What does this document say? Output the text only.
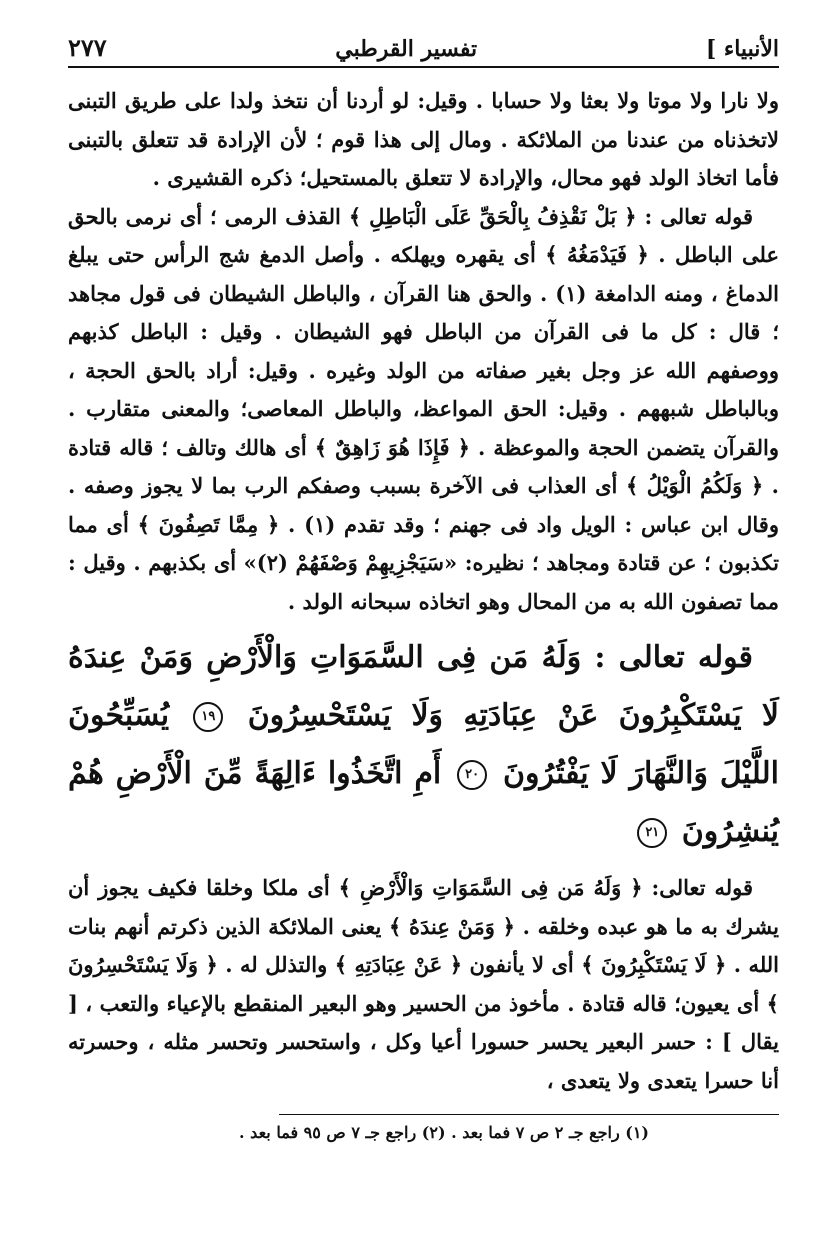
الأنبياء ]
تفسير القرطبي
٢٧٧

ولا نارا ولا موتا ولا بعثا ولا حسابا . وقيل: لو أردنا أن نتخذ ولدا على طريق التبنى لاتخذناه من عندنا من الملائكة . ومال إلى هذا قوم ؛ لأن الإرادة قد تتعلق بالتبنى فأما اتخاذ الولد فهو محال، والإرادة لا تتعلق بالمستحيل؛ ذكره القشيرى .

قوله تعالى : ﴿ بَلْ نَقْذِفُ بِالْحَقِّ عَلَى الْبَاطِلِ ﴾ القذف الرمى ؛ أى نرمى بالحق على الباطل . ﴿ فَيَدْمَغُهُ ﴾ أى يقهره ويهلكه . وأصل الدمغ شج الرأس حتى يبلغ الدماغ ، ومنه الدامغة (١) . والحق هنا القرآن ، والباطل الشيطان فى قول مجاهد ؛ قال : كل ما فى القرآن من الباطل فهو الشيطان . وقيل : الباطل كذبهم ووصفهم الله عز وجل بغير صفاته من الولد وغيره . وقيل: أراد بالحق الحجة ، وبالباطل شبههم . وقيل: الحق المواعظ، والباطل المعاصى؛ والمعنى متقارب . والقرآن يتضمن الحجة والموعظة . ﴿ فَإِذَا هُوَ زَاهِقٌ ﴾ أى هالك وتالف ؛ قاله قتادة . ﴿ وَلَكُمُ الْوَيْلُ ﴾ أى العذاب فى الآخرة بسبب وصفكم الرب بما لا يجوز وصفه . وقال ابن عباس : الويل واد فى جهنم ؛ وقد تقدم (١) . ﴿ مِمَّا تَصِفُونَ ﴾ أى مما تكذبون ؛ عن قتادة ومجاهد ؛ نظيره: «سَيَجْزِيهِمْ وَصْفَهُمْ (٢)» أى بكذبهم . وقيل : مما تصفون الله به من المحال وهو اتخاذه سبحانه الولد .

قوله تعالى : وَلَهُ مَن فِى السَّمَوَاتِ وَالْأَرْضِ وَمَنْ عِندَهُ لَا يَسْتَكْبِرُونَ عَنْ عِبَادَتِهِ وَلَا يَسْتَحْسِرُونَ ١٩ يُسَبِّحُونَ اللَّيْلَ وَالنَّهَارَ لَا يَفْتُرُونَ ٢٠ أَمِ اتَّخَذُوا ءَالِهَةً مِّنَ الْأَرْضِ هُمْ يُنشِرُونَ ٢١
قوله تعالى: ﴿ وَلَهُ مَن فِى السَّمَوَاتِ وَالْأَرْضِ ﴾ أى ملكا وخلقا فكيف يجوز أن يشرك به ما هو عبده وخلقه . ﴿ وَمَنْ عِندَهُ ﴾ يعنى الملائكة الذين ذكرتم أنهم بنات الله . ﴿ لَا يَسْتَكْبِرُونَ ﴾ أى لا يأنفون ﴿ عَنْ عِبَادَتِهِ ﴾ والتذلل له . ﴿ وَلَا يَسْتَحْسِرُونَ ﴾ أى يعيون؛ قاله قتادة . مأخوذ من الحسير وهو البعير المنقطع بالإعياء والتعب ، [ يقال ] : حسر البعير يحسر حسورا أعيا وكل ، واستحسر وتحسر مثله ، وحسرته أنا حسرا يتعدى ولا يتعدى ،
(١) راجع جـ ٢ ص ٧ فما بعد . (٢) راجع جـ ٧ ص ٩٥ فما بعد .
